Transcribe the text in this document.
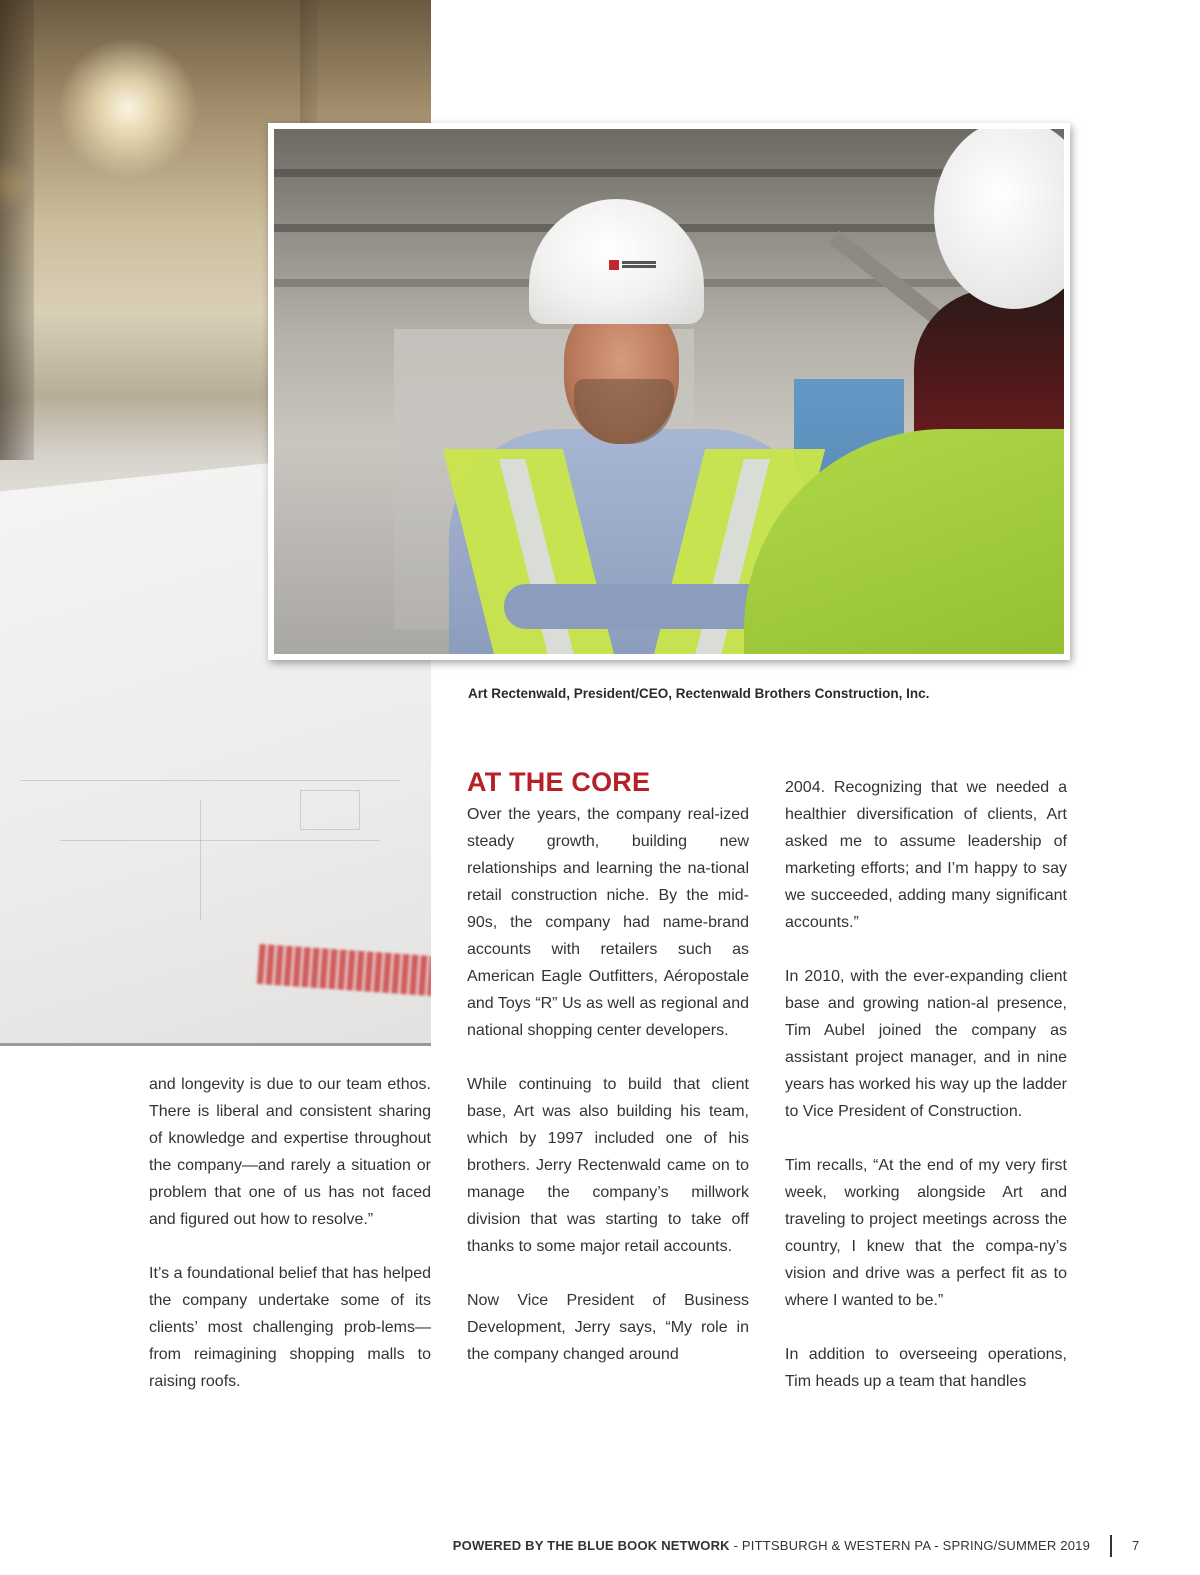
Art Rectenwald, President/CEO, Rectenwald Brothers Construction, Inc.
AT THE CORE

and longevity is due to our team ethos. There is liberal and consistent sharing of knowledge and expertise throughout the company—and rarely a situation or problem that one of us has not faced and figured out how to resolve.”

It’s a foundational belief that has helped the company undertake some of its clients’ most challenging prob-lems—from reimagining shopping malls to raising roofs.

Over the years, the company real-ized steady growth, building new relationships and learning the na-tional retail construction niche. By the mid-90s, the company had name-brand accounts with retailers such as American Eagle Outfitters, Aéropostale and Toys “R” Us as well as regional and national shopping center developers.

While continuing to build that client base, Art was also building his team, which by 1997 included one of his brothers. Jerry Rectenwald came on to manage the company’s millwork division that was starting to take off thanks to some major retail accounts.

Now Vice President of Business Development, Jerry says, “My role in the company changed around

2004. Recognizing that we needed a healthier diversification of clients, Art asked me to assume leadership of marketing efforts; and I’m happy to say we succeeded, adding many significant accounts.”

In 2010, with the ever-expanding client base and growing nation-al presence, Tim Aubel joined the company as assistant project manager, and in nine years has worked his way up the ladder to Vice President of Construction.

Tim recalls, “At the end of my very first week, working alongside Art and traveling to project meetings across the country, I knew that the compa-ny’s vision and drive was a perfect fit as to where I wanted to be.”

In addition to overseeing operations, Tim heads up a team that handles

POWERED BY THE BLUE BOOK NETWORK - PITTSBURGH & WESTERN PA - SPRING/SUMMER 2019	7
